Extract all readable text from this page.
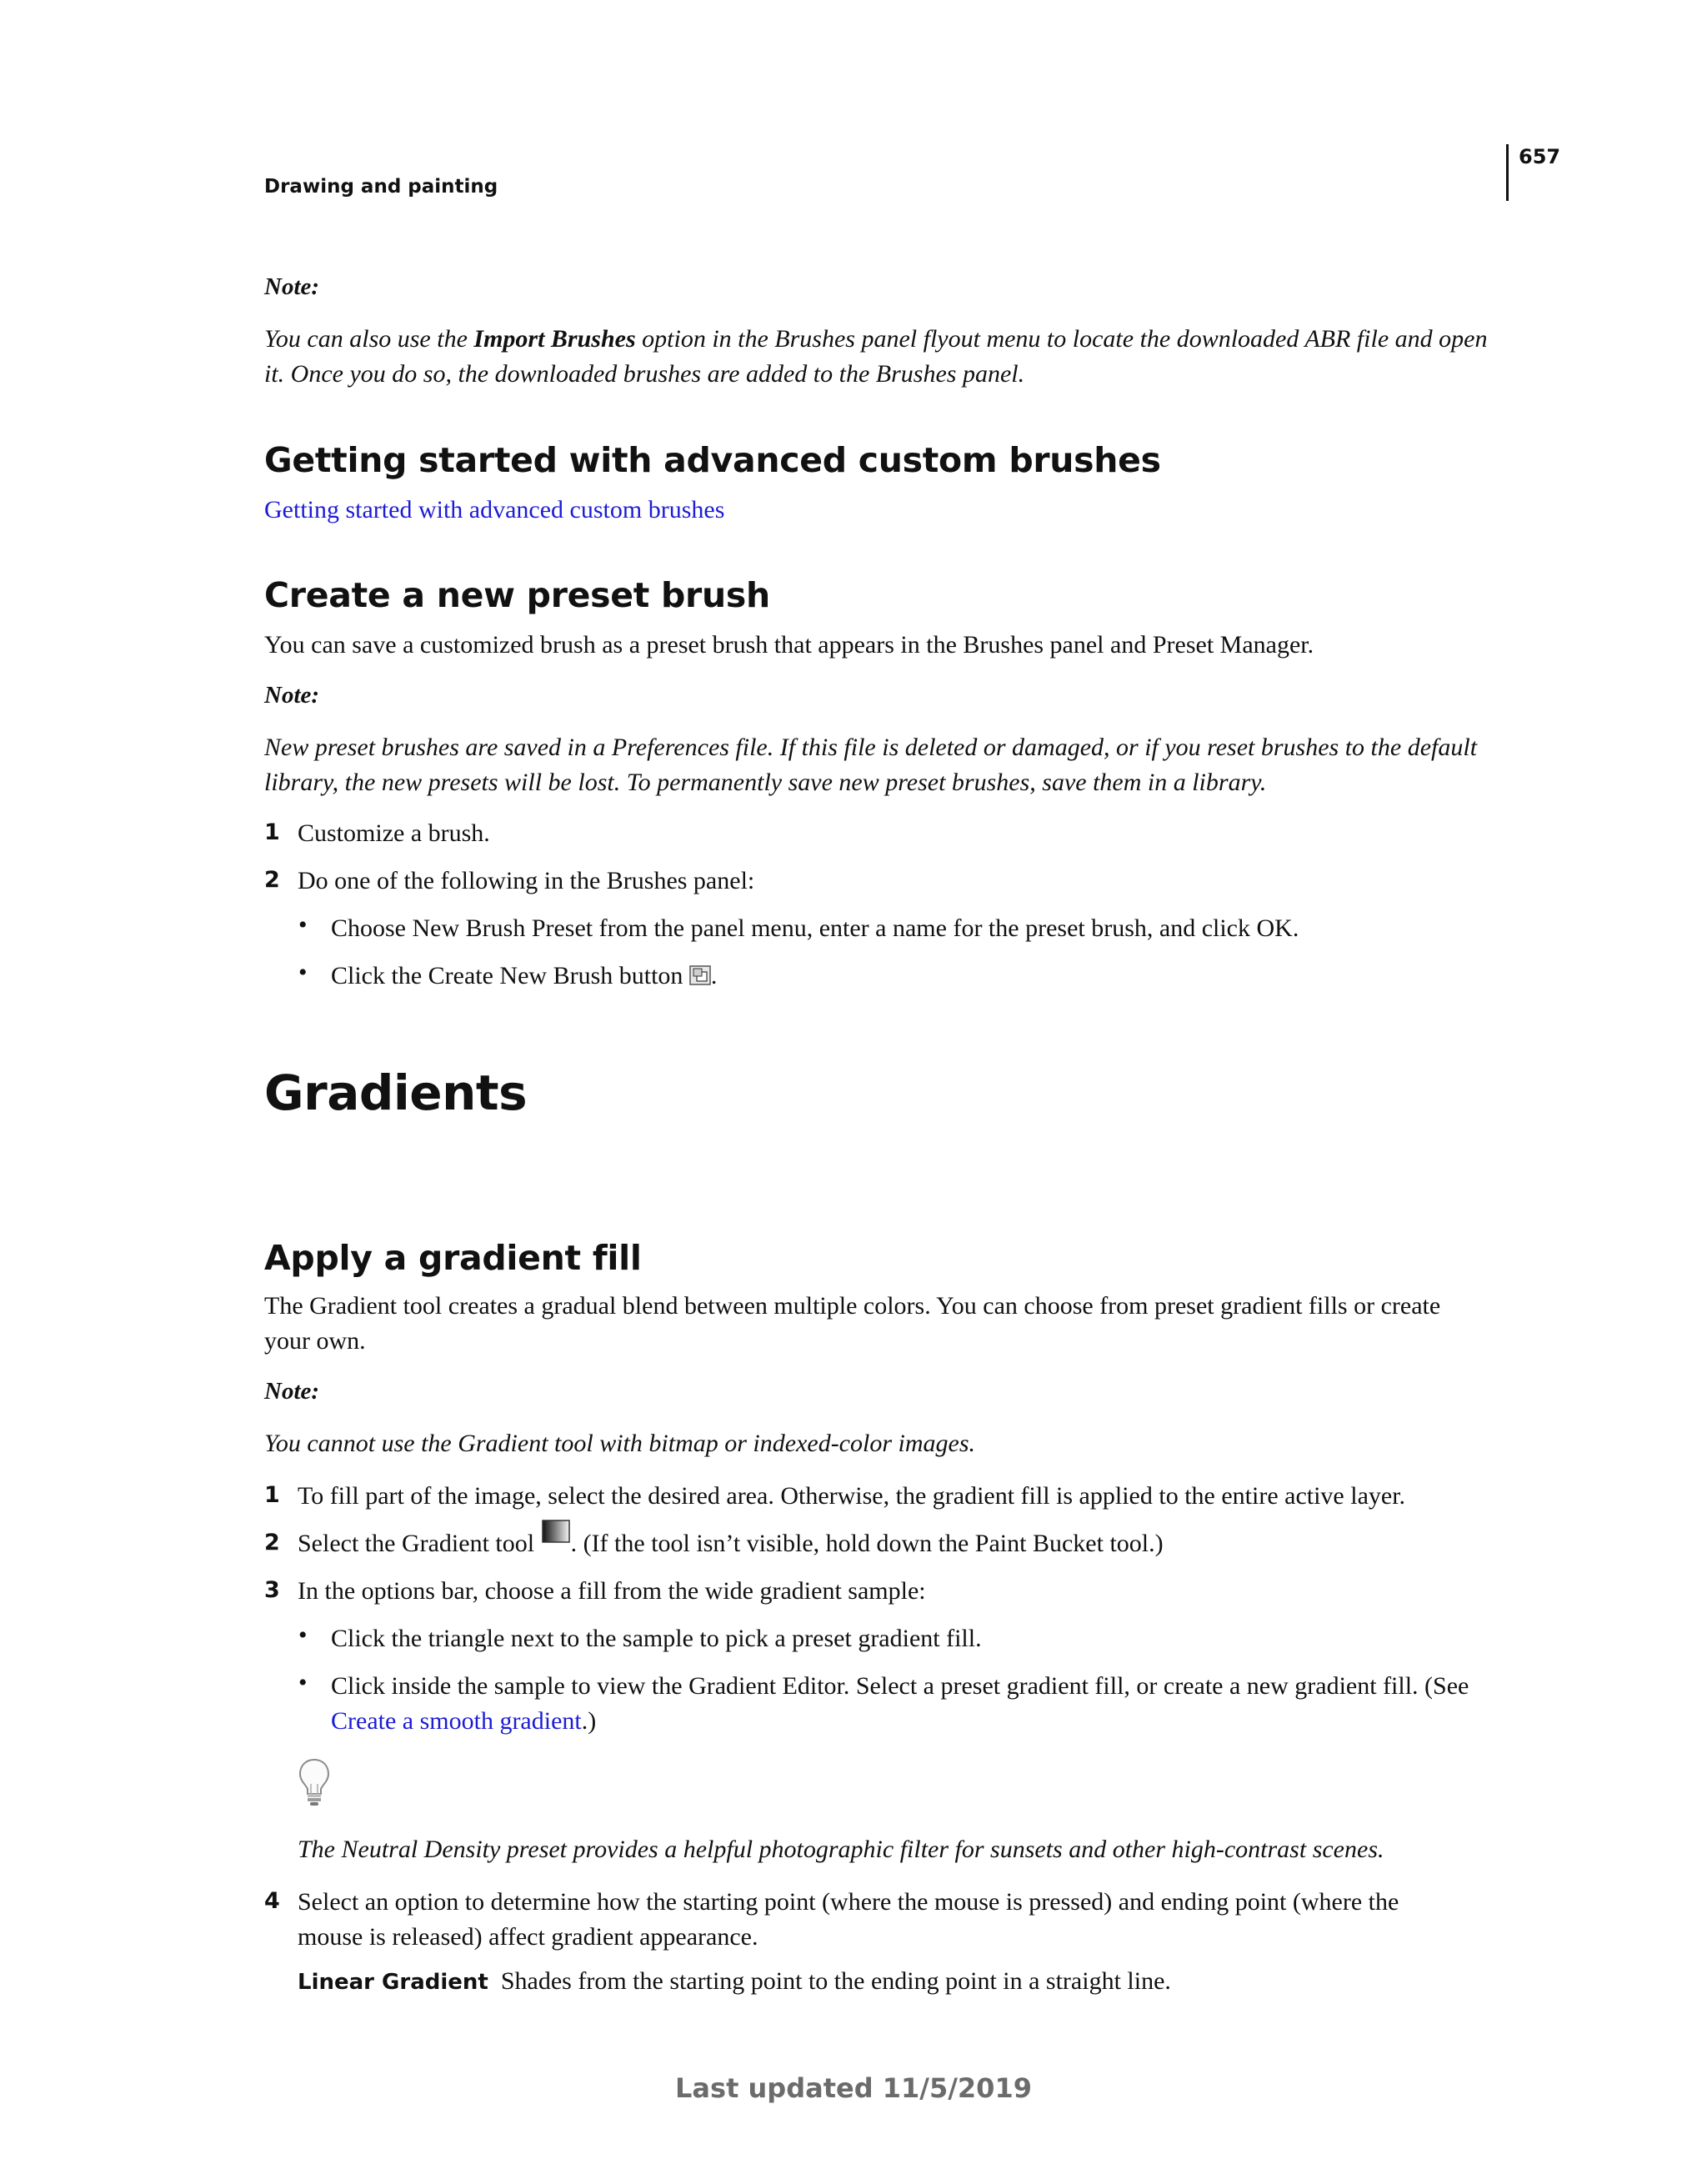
657
Drawing and painting
Note:
You can also use the Import Brushes option in the Brushes panel flyout menu to locate the downloaded ABR file and open
it. Once you do so, the downloaded brushes are added to the Brushes panel.
Getting started with advanced custom brushes
Getting started with advanced custom brushes
Create a new preset brush
You can save a customized brush as a preset brush that appears in the Brushes panel and Preset Manager.
Note:
New preset brushes are saved in a Preferences file. If this file is deleted or damaged, or if you reset brushes to the default
library, the new presets will be lost. To permanently save new preset brushes, save them in a library.
1 Customize a brush.
2 Do one of the following in the Brushes panel:
• Choose New Brush Preset from the panel menu, enter a name for the preset brush, and click OK.
• Click the Create New Brush button .
Gradients
Apply a gradient fill
The Gradient tool creates a gradual blend between multiple colors. You can choose from preset gradient fills or create
your own.
Note:
You cannot use the Gradient tool with bitmap or indexed-color images.
1 To fill part of the image, select the desired area. Otherwise, the gradient fill is applied to the entire active layer.
2 Select the Gradient tool . (If the tool isn’t visible, hold down the Paint Bucket tool.)
3 In the options bar, choose a fill from the wide gradient sample:
• Click the triangle next to the sample to pick a preset gradient fill.
• Click inside the sample to view the Gradient Editor. Select a preset gradient fill, or create a new gradient fill. (See
Create a smooth gradient.)
The Neutral Density preset provides a helpful photographic filter for sunsets and other high-contrast scenes.
4 Select an option to determine how the starting point (where the mouse is pressed) and ending point (where the
mouse is released) affect gradient appearance.
Linear Gradient Shades from the starting point to the ending point in a straight line.
Last updated 11/5/2019
